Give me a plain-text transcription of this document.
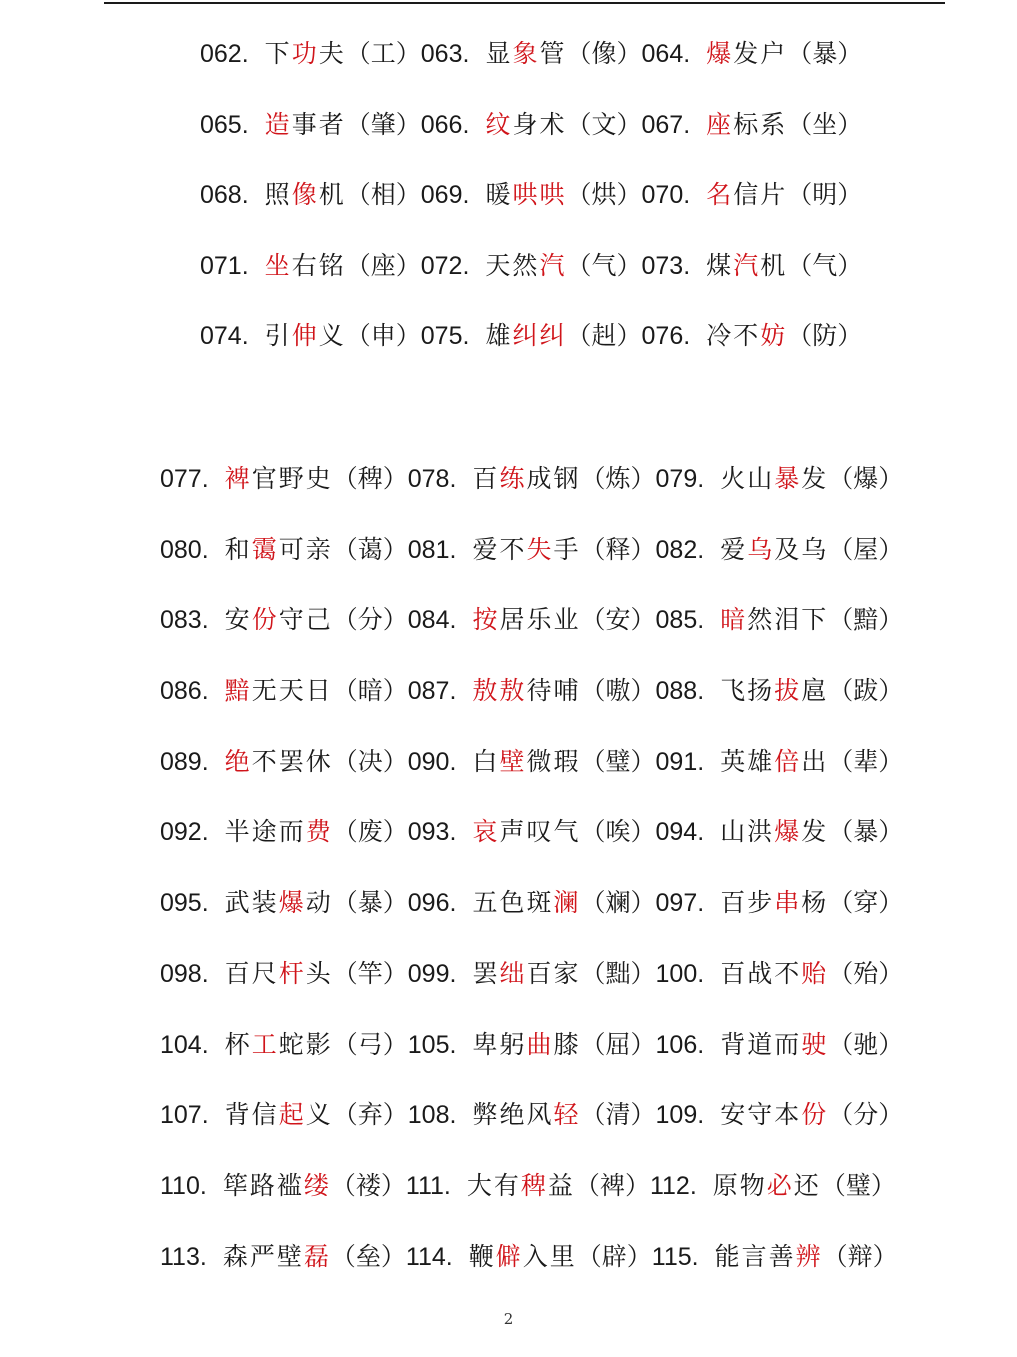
062. 下功夫（工） 063. 显象管（像） 064. 爆发户（暴）
065. 造事者（肇） 066. 纹身术（文） 067. 座标系（坐）
068. 照像机（相） 069. 暖哄哄（烘） 070. 名信片（明）
071. 坐右铭（座） 072. 天然汽（气） 073. 煤汽机（气）
074. 引伸义（申） 075. 雄纠纠（赳） 076. 冷不妨（防）
077. 裨官野史（稗） 078. 百练成钢（炼） 079. 火山暴发（爆）
080. 和霭可亲（蔼） 081. 爱不失手（释） 082. 爱乌及乌（屋）
083. 安份守己（分） 084. 按居乐业（安） 085. 暗然泪下（黯）
086. 黯无天日（暗） 087. 敖敖待哺（嗷） 088. 飞扬拔扈（跋）
089. 绝不罢休（决） 090. 白壁微瑕（璧） 091. 英雄倍出（辈）
092. 半途而费（废） 093. 哀声叹气（唉） 094. 山洪爆发（暴）
095. 武装爆动（暴） 096. 五色斑澜（斓） 097. 百步串杨（穿）
098. 百尺杆头（竿） 099. 罢绌百家（黜） 100. 百战不贻（殆）
104. 杯工蛇影（弓） 105. 卑躬曲膝（屈） 106. 背道而驶（驰）
107. 背信起义（弃） 108. 弊绝风轻（清） 109. 安守本份（分）
110. 筚路褴缕（褛） 111. 大有稗益（裨） 112. 原物必还（璧）
113. 森严壁磊（垒） 114. 鞭僻入里（辟） 115. 能言善辨（辩）
2
